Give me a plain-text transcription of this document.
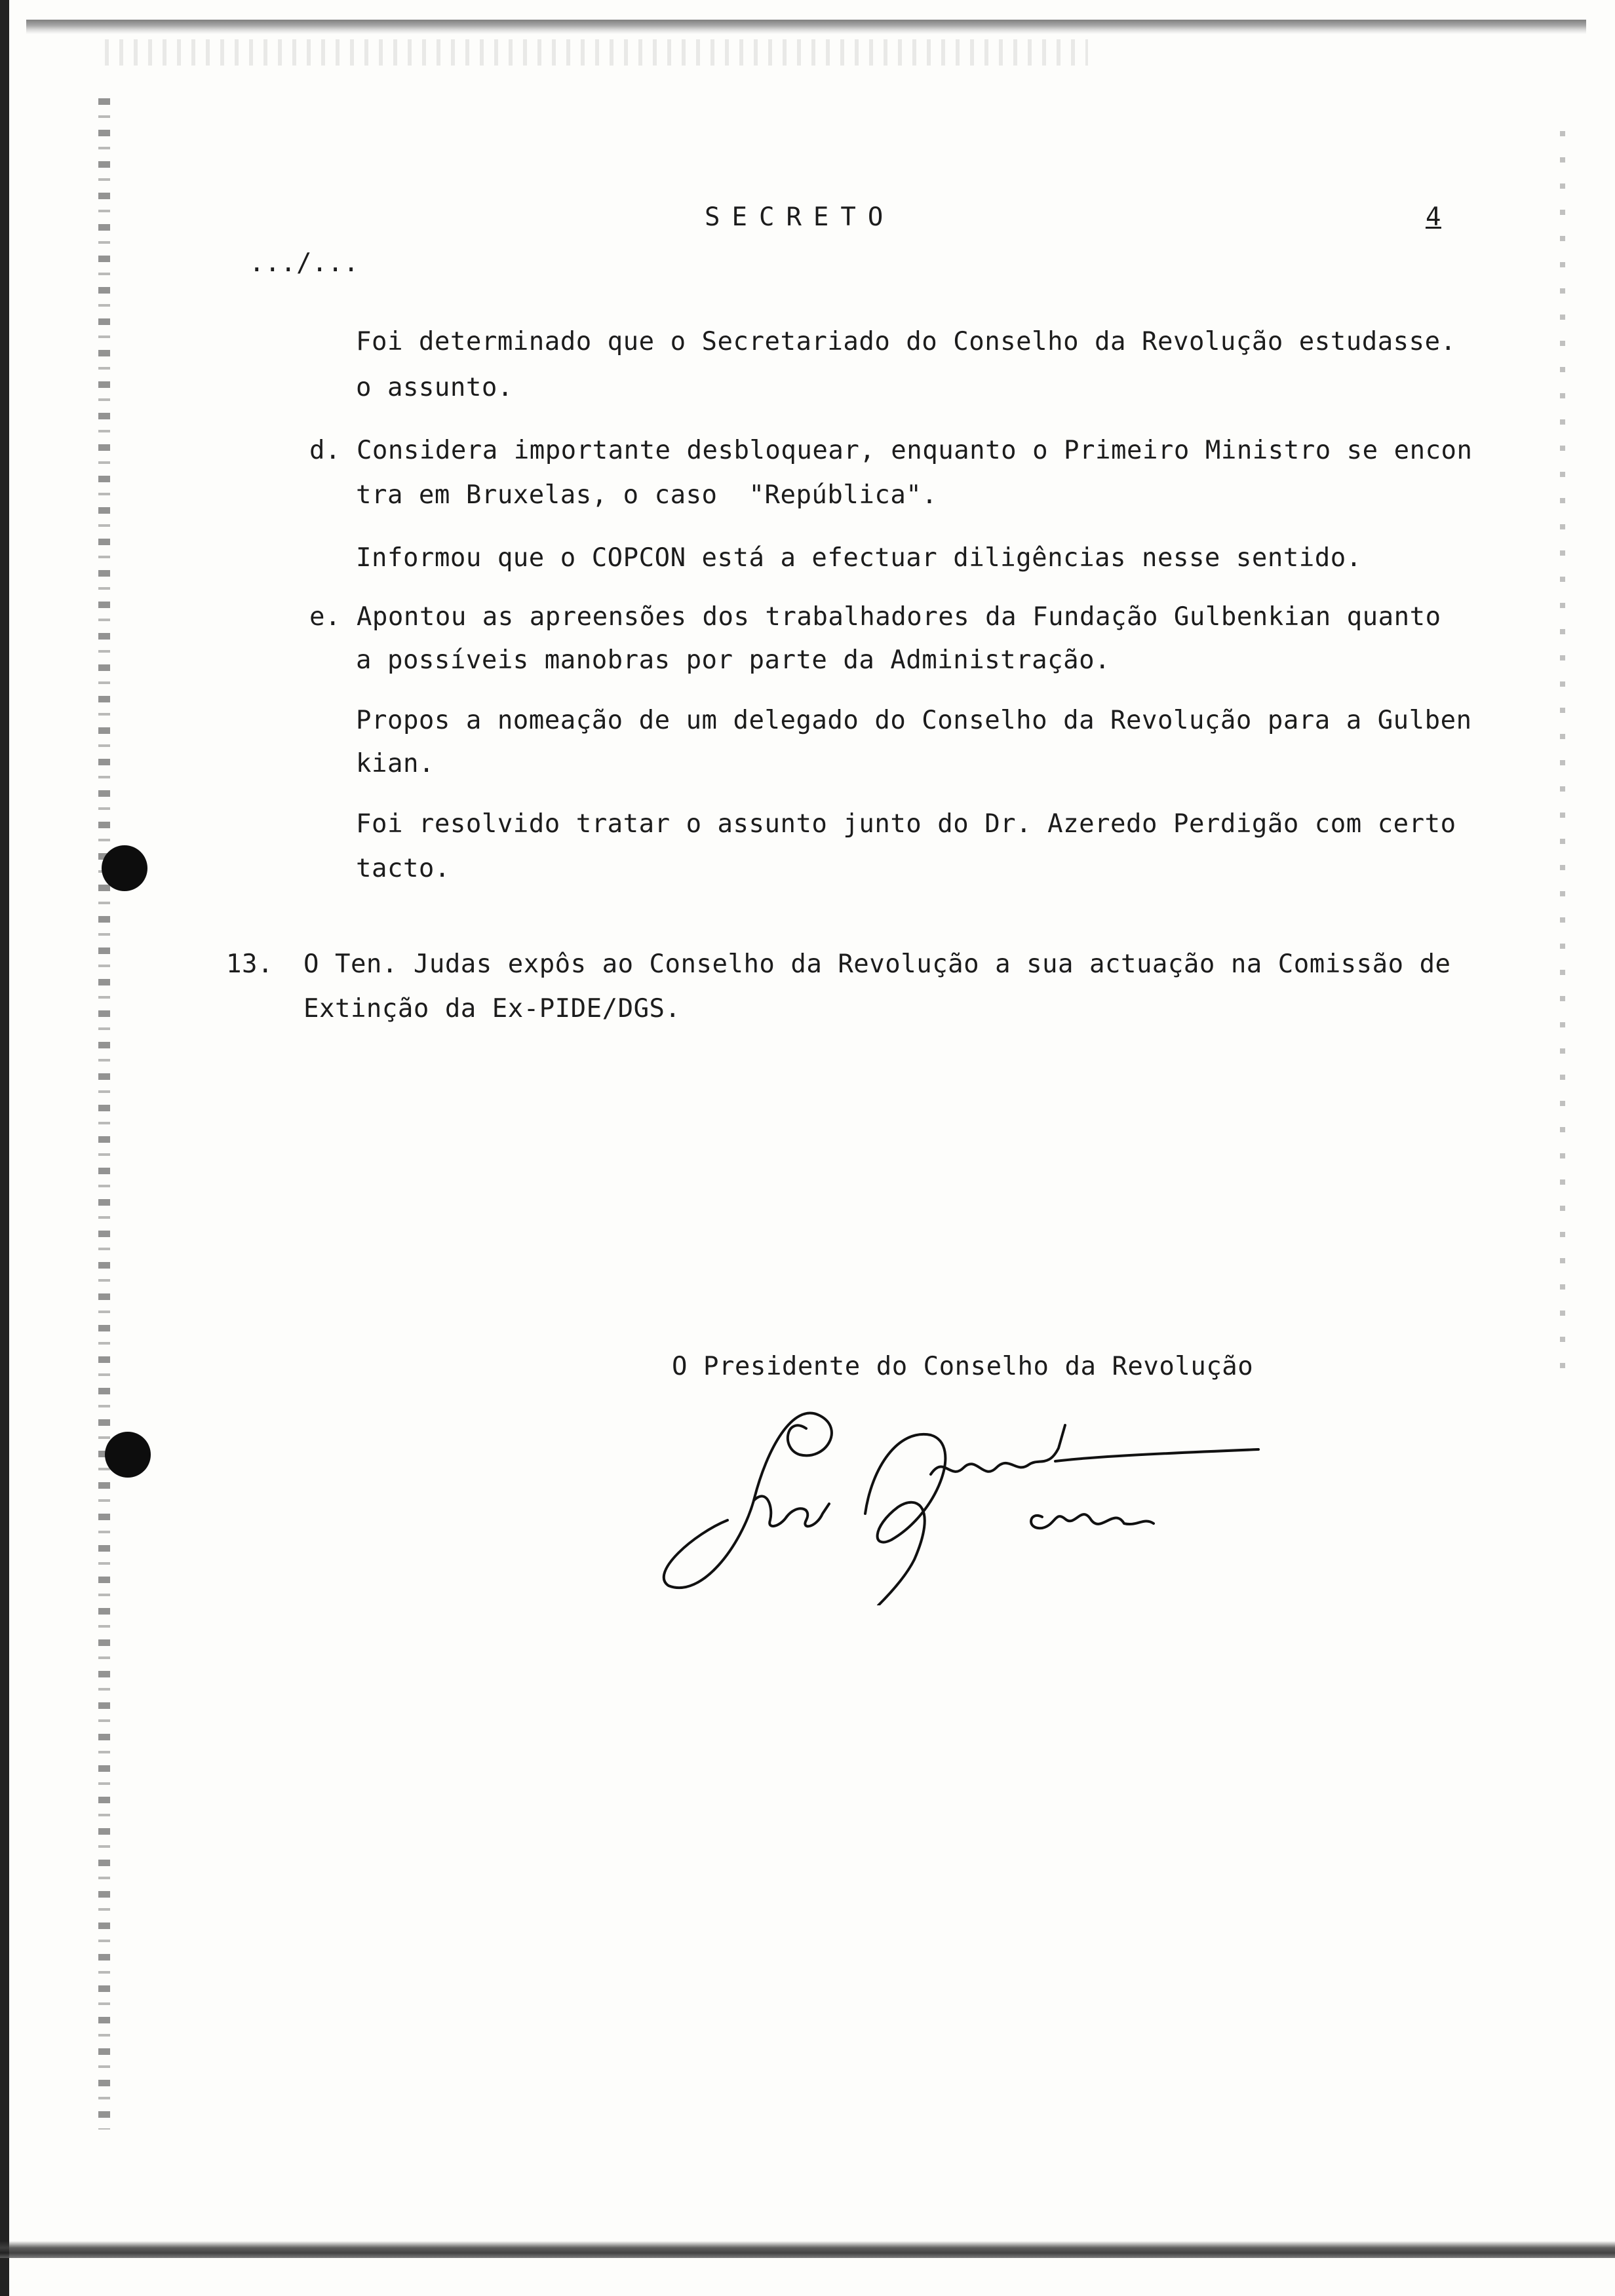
SECRETO	4
.../...
Foi determinado que o Secretariado do Conselho da Revolução estudasse.
o assunto.
d. Considera importante desbloquear, enquanto o Primeiro Ministro se encon
tra em Bruxelas, o caso  "República".
Informou que o COPCON está a efectuar diligências nesse sentido.
e. Apontou as apreensões dos trabalhadores da Fundação Gulbenkian quanto
a possíveis manobras por parte da Administração.
Propos a nomeação de um delegado do Conselho da Revolução para a Gulben
kian.
Foi resolvido tratar o assunto junto do Dr. Azeredo Perdigão com certo
tacto.
13. O Ten. Judas expôs ao Conselho da Revolução a sua actuação na Comissão de
Extinção da Ex-PIDE/DGS.
O Presidente do Conselho da Revolução
